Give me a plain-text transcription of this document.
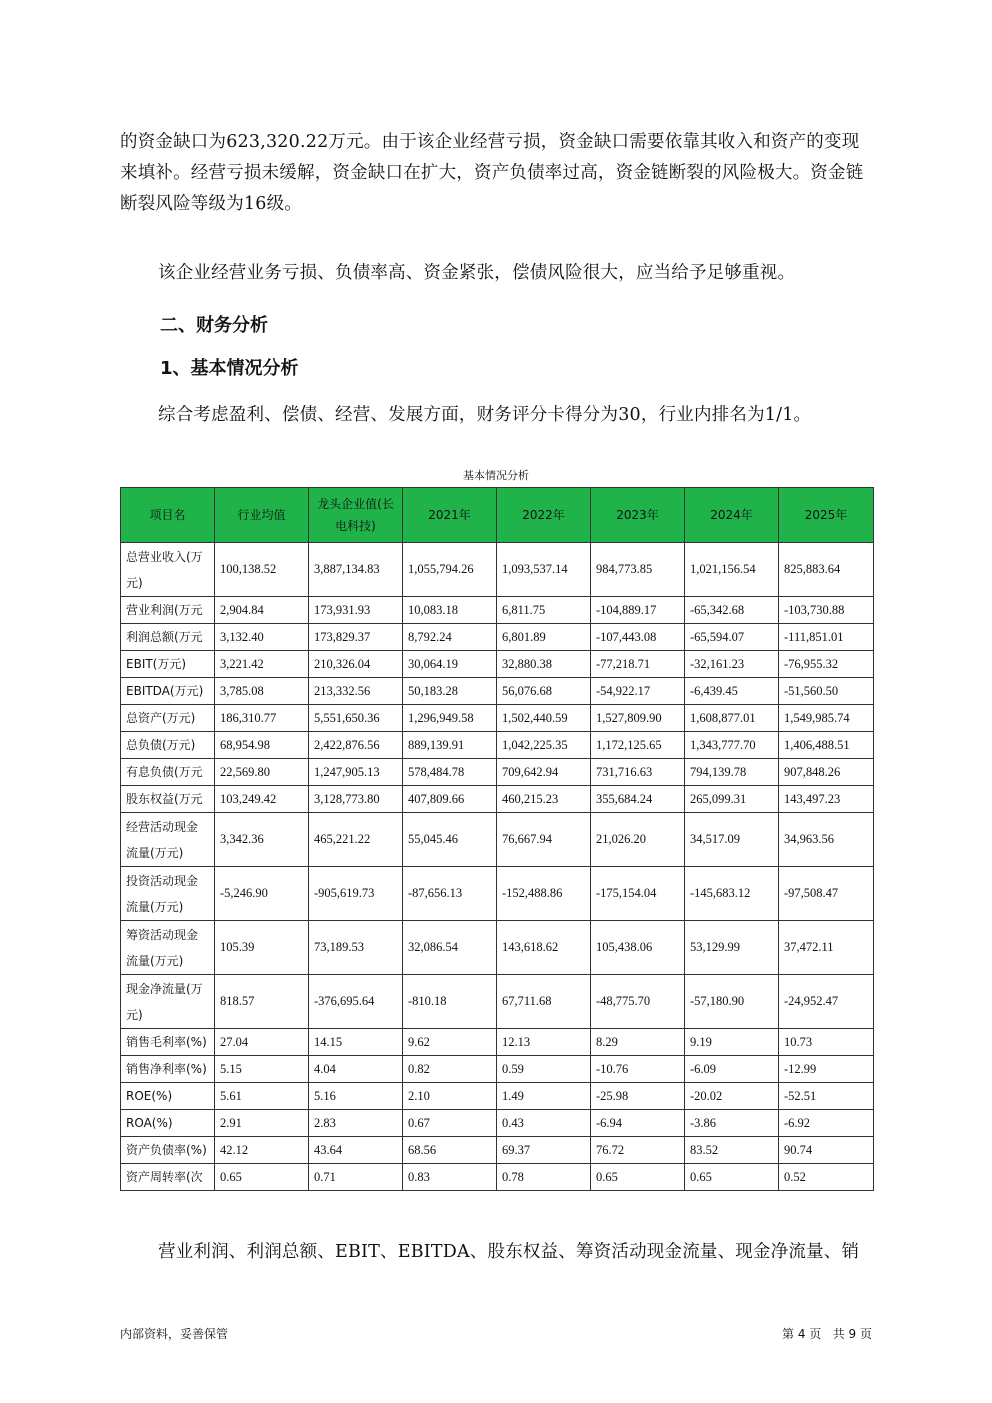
的资金缺口为623,320.22万元。由于该企业经营亏损，资金缺口需要依靠其收入和资产的变现来填补。经营亏损未缓解，资金缺口在扩大，资产负债率过高，资金链断裂的风险极大。资金链断裂风险等级为16级。
该企业经营业务亏损、负债率高、资金紧张，偿债风险很大，应当给予足够重视。
二、财务分析
1、基本情况分析
综合考虑盈利、偿债、经营、发展方面，财务评分卡得分为30，行业内排名为1/1。
基本情况分析
项目名	行业均值	龙头企业值(长电科技)	2021年	2022年	2023年	2024年	2025年
总营业收入(万元)	100,138.52	3,887,134.83	1,055,794.26	1,093,537.14	984,773.85	1,021,156.54	825,883.64
营业利润(万元	2,904.84	173,931.93	10,083.18	6,811.75	-104,889.17	-65,342.68	-103,730.88
利润总额(万元	3,132.40	173,829.37	8,792.24	6,801.89	-107,443.08	-65,594.07	-111,851.01
EBIT(万元)	3,221.42	210,326.04	30,064.19	32,880.38	-77,218.71	-32,161.23	-76,955.32
EBITDA(万元)	3,785.08	213,332.56	50,183.28	56,076.68	-54,922.17	-6,439.45	-51,560.50
总资产(万元)	186,310.77	5,551,650.36	1,296,949.58	1,502,440.59	1,527,809.90	1,608,877.01	1,549,985.74
总负债(万元)	68,954.98	2,422,876.56	889,139.91	1,042,225.35	1,172,125.65	1,343,777.70	1,406,488.51
有息负债(万元	22,569.80	1,247,905.13	578,484.78	709,642.94	731,716.63	794,139.78	907,848.26
股东权益(万元	103,249.42	3,128,773.80	407,809.66	460,215.23	355,684.24	265,099.31	143,497.23
经营活动现金流量(万元)	3,342.36	465,221.22	55,045.46	76,667.94	21,026.20	34,517.09	34,963.56
投资活动现金流量(万元)	-5,246.90	-905,619.73	-87,656.13	-152,488.86	-175,154.04	-145,683.12	-97,508.47
筹资活动现金流量(万元)	105.39	73,189.53	32,086.54	143,618.62	105,438.06	53,129.99	37,472.11
现金净流量(万元)	818.57	-376,695.64	-810.18	67,711.68	-48,775.70	-57,180.90	-24,952.47
销售毛利率(%)	27.04	14.15	9.62	12.13	8.29	9.19	10.73
销售净利率(%)	5.15	4.04	0.82	0.59	-10.76	-6.09	-12.99
ROE(%)	5.61	5.16	2.10	1.49	-25.98	-20.02	-52.51
ROA(%)	2.91	2.83	0.67	0.43	-6.94	-3.86	-6.92
资产负债率(%)	42.12	43.64	68.56	69.37	76.72	83.52	90.74
资产周转率(次	0.65	0.71	0.83	0.78	0.65	0.65	0.52
营业利润、利润总额、EBIT、EBITDA、股东权益、筹资活动现金流量、现金净流量、销
内部资料，妥善保管	第 4 页   共 9 页
